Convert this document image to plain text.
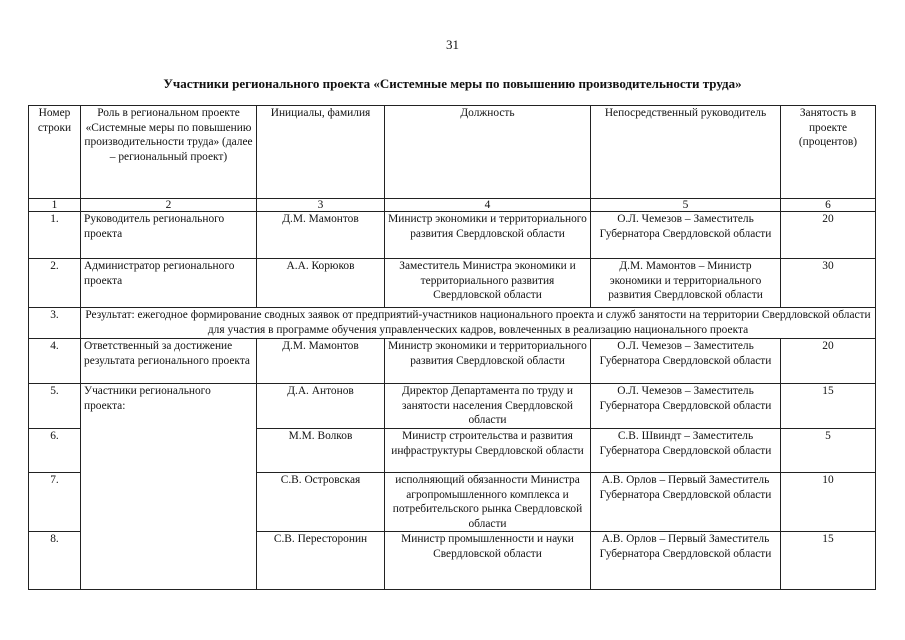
31
Участники регионального проекта «Системные меры по повышению производительности труда»
Номер строки	Роль в региональном проекте «Системные меры по повышению производительности труда» (далее – региональный проект)	Инициалы, фамилия	Должность	Непосредственный руководитель	Занятость в проекте (процентов)
1	2	3	4	5	6
1.	Руководитель регионального проекта	Д.М. Мамонтов	Министр экономики и территориального развития Свердловской области	О.Л. Чемезов – Заместитель Губернатора Свердловской области	20
2.	Администратор регионального проекта	А.А. Корюков	Заместитель Министра экономики и территориального развития Свердловской области	Д.М. Мамонтов – Министр экономики и территориального развития Свердловской области	30
3.	Результат: ежегодное формирование сводных заявок от предприятий-участников национального проекта и служб занятости на территории Свердловской области для участия в программе обучения управленческих кадров, вовлеченных в реализацию национального проекта				
4.	Ответственный за достижение результата регионального проекта	Д.М. Мамонтов	Министр экономики и территориального развития Свердловской области	О.Л. Чемезов – Заместитель Губернатора Свердловской области	20
5.	Участники регионального проекта:	Д.А. Антонов	Директор Департамента по труду и занятости населения Свердловской области	О.Л. Чемезов – Заместитель Губернатора Свердловской области	15
6.		М.М. Волков	Министр строительства и развития инфраструктуры Свердловской области	С.В. Швиндт – Заместитель Губернатора Свердловской области	5
7.		С.В. Островская	исполняющий обязанности Министра агропромышленного комплекса и потребительского рынка Свердловской области	А.В. Орлов – Первый Заместитель Губернатора Свердловской области	10
8.		С.В. Пересторонин	Министр промышленности и науки Свердловской области	А.В. Орлов – Первый Заместитель Губернатора Свердловской области	15
